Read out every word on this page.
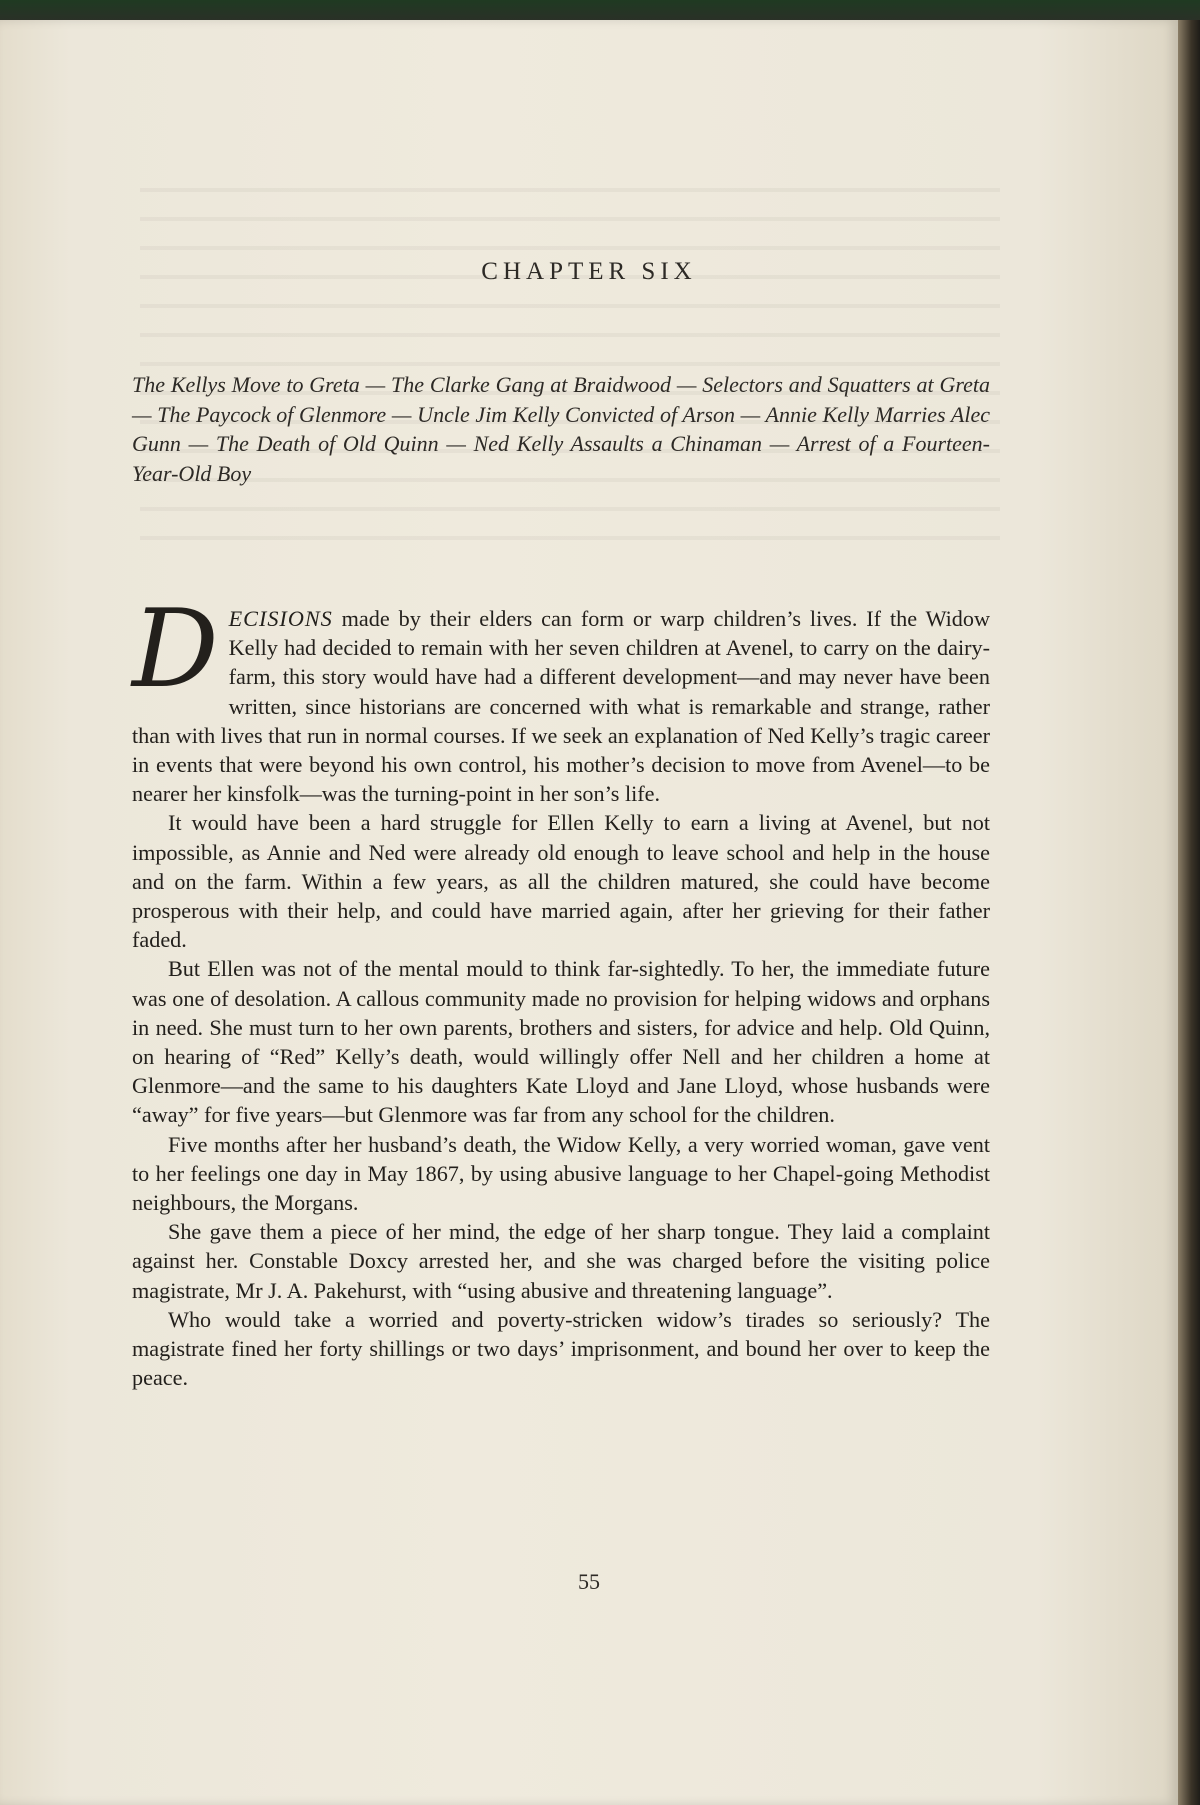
CHAPTER SIX

The Kellys Move to Greta — The Clarke Gang at Braidwood — Selectors and Squatters at Greta — The Paycock of Glenmore — Uncle Jim Kelly Convicted of Arson — Annie Kelly Marries Alec Gunn — The Death of Old Quinn — Ned Kelly Assaults a Chinaman — Arrest of a Fourteen-Year-Old Boy

DECISIONS made by their elders can form or warp children’s lives. If the Widow Kelly had decided to remain with her seven children at Avenel, to carry on the dairy-farm, this story would have had a different development—and may never have been written, since historians are concerned with what is remarkable and strange, rather than with lives that run in normal courses. If we seek an explanation of Ned Kelly’s tragic career in events that were beyond his own control, his mother’s decision to move from Avenel—to be nearer her kinsfolk—was the turning-point in her son’s life.

It would have been a hard struggle for Ellen Kelly to earn a living at Avenel, but not impossible, as Annie and Ned were already old enough to leave school and help in the house and on the farm. Within a few years, as all the children matured, she could have become prosperous with their help, and could have married again, after her grieving for their father faded.

But Ellen was not of the mental mould to think far-sightedly. To her, the immediate future was one of desolation. A callous community made no provision for helping widows and orphans in need. She must turn to her own parents, brothers and sisters, for advice and help. Old Quinn, on hearing of “Red” Kelly’s death, would willingly offer Nell and her children a home at Glenmore—and the same to his daughters Kate Lloyd and Jane Lloyd, whose husbands were “away” for five years—but Glenmore was far from any school for the children.

Five months after her husband’s death, the Widow Kelly, a very worried woman, gave vent to her feelings one day in May 1867, by using abusive language to her Chapel-going Methodist neighbours, the Morgans.

She gave them a piece of her mind, the edge of her sharp tongue. They laid a complaint against her. Constable Doxcy arrested her, and she was charged before the visiting police magistrate, Mr J. A. Pakehurst, with “using abusive and threatening language”.

Who would take a worried and poverty-stricken widow’s tirades so seriously? The magistrate fined her forty shillings or two days’ imprisonment, and bound her over to keep the peace.

55
